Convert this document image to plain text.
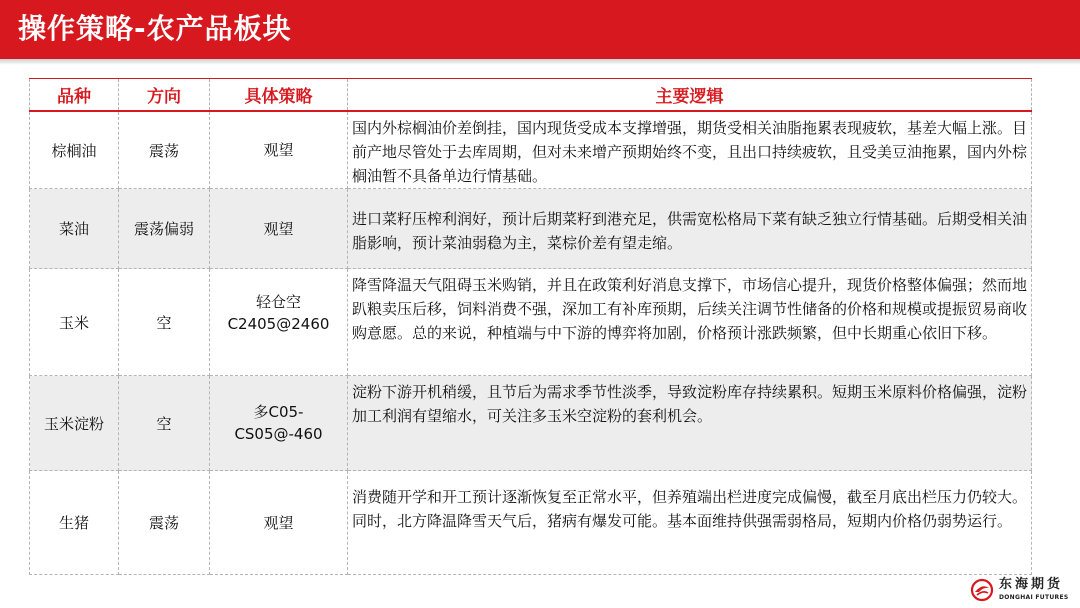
操作策略-农产品板块
品种	方向	具体策略	主要逻辑
棕榈油	震荡	观望	国内外棕榈油价差倒挂，国内现货受成本支撑增强，期货受相关油脂拖累表现疲软，基差大幅上涨。目前产地尽管处于去库周期，但对未来增产预期始终不变，且出口持续疲软，且受美豆油拖累，国内外棕榈油暂不具备单边行情基础。
菜油	震荡偏弱	观望	进口菜籽压榨利润好，预计后期菜籽到港充足，供需宽松格局下菜有缺乏独立行情基础。后期受相关油脂影响，预计菜油弱稳为主，菜棕价差有望走缩。
玉米	空	轻仓空C2405@2460	降雪降温天气阻碍玉米购销，并且在政策利好消息支撑下，市场信心提升，现货价格整体偏强；然而地趴粮卖压后移，饲料消费不强，深加工有补库预期，后续关注调节性储备的价格和规模或提振贸易商收购意愿。总的来说，种植端与中下游的博弈将加剧，价格预计涨跌频繁，但中长期重心依旧下移。
玉米淀粉	空	多C05-CS05@-460	淀粉下游开机稍缓，且节后为需求季节性淡季，导致淀粉库存持续累积。短期玉米原料价格偏强，淀粉加工利润有望缩水，可关注多玉米空淀粉的套利机会。
生猪	震荡	观望	消费随开学和开工预计逐渐恢复至正常水平，但养殖端出栏进度完成偏慢，截至月底出栏压力仍较大。同时，北方降温降雪天气后，猪病有爆发可能。基本面维持供强需弱格局，短期内价格仍弱势运行。
东海期货
DONGHAI FUTURES
